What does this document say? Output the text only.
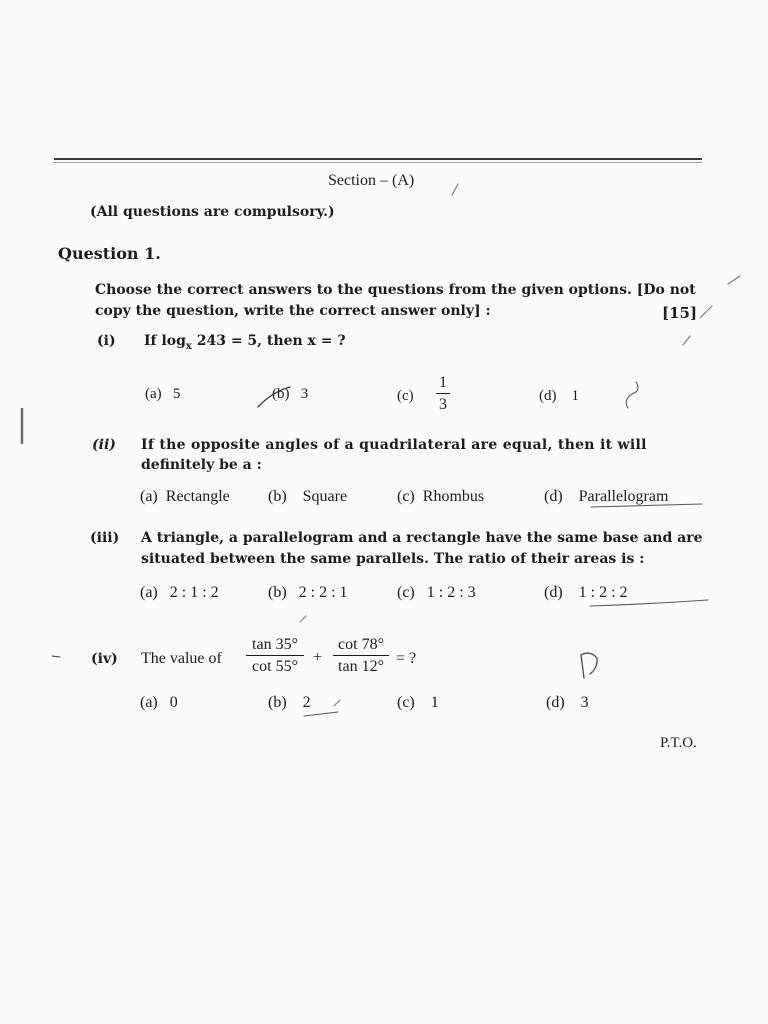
Section – (A)
(All questions are compulsory.)
Question 1.
Choose the correct answers to the questions from the given options. [Do not
copy the question, write the correct answer only] :	[15]
(i) If $\log_x 243 = 5$, then x = ?
(a) 5	(b) 3	(c)
1
3	(d) 1
(ii) If the opposite angles of a quadrilateral are equal, then it will
definitely be a :
(a) Rectangle (b) Square	(c) Rhombus	(d) Parallelogram
(iii) A triangle, a parallelogram and a rectangle have the same base and are
situated between the same parallels. The ratio of their areas is :
(a) 2 : 1 : 2	(b) 2 : 2 : 1	(c) 1 : 2 : 3	(d) 1 : 2 : 2
(iv) The value of
tan 35°
cot 55°
+
cot 78°
tan 12° = ?
(a) 0	(b) 2	(c) 1	(d) 3
P.T.O.
